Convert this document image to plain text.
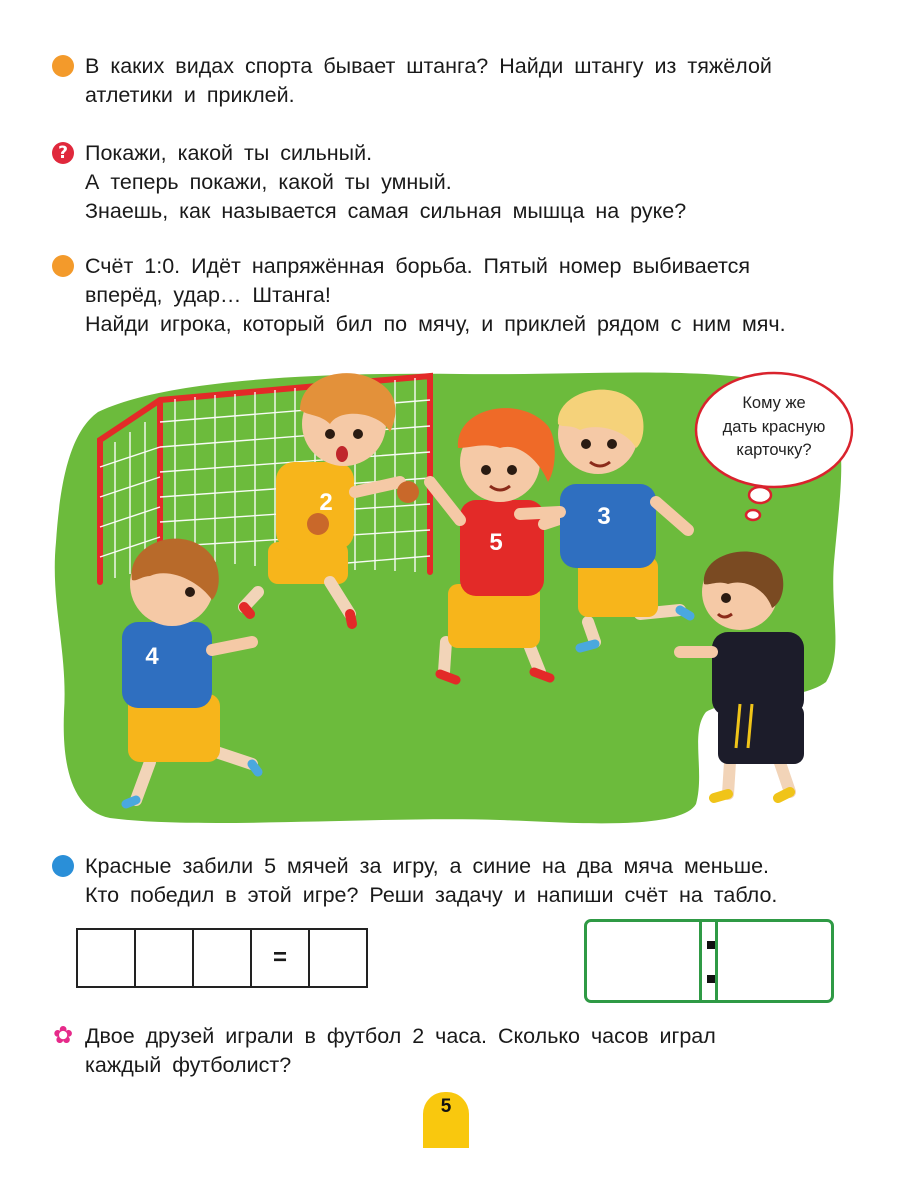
В каких видах спорта бывает штанга? Найди штангу из тяжёлой

атлетики и приклей.

? Покажи, какой ты сильный.

А теперь покажи, какой ты умный.

Знаешь, как называется самая сильная мышца на руке?

Счёт 1:0. Идёт напряжённая борьба. Пятый номер выбивается

вперёд, удар… Штанга!

Найди игрока, который бил по мячу, и приклей рядом с ним мяч.

2
5
3
4
Кому же
дать красную
карточку?

Красные забили 5 мячей за игру, а синие на два мяча меньше.

Кто победил в этой игре? Реши задачу и напиши счёт на табло.

=
✿ Двое друзей играли в футбол 2 часа. Сколько часов играл

каждый футболист?

5
